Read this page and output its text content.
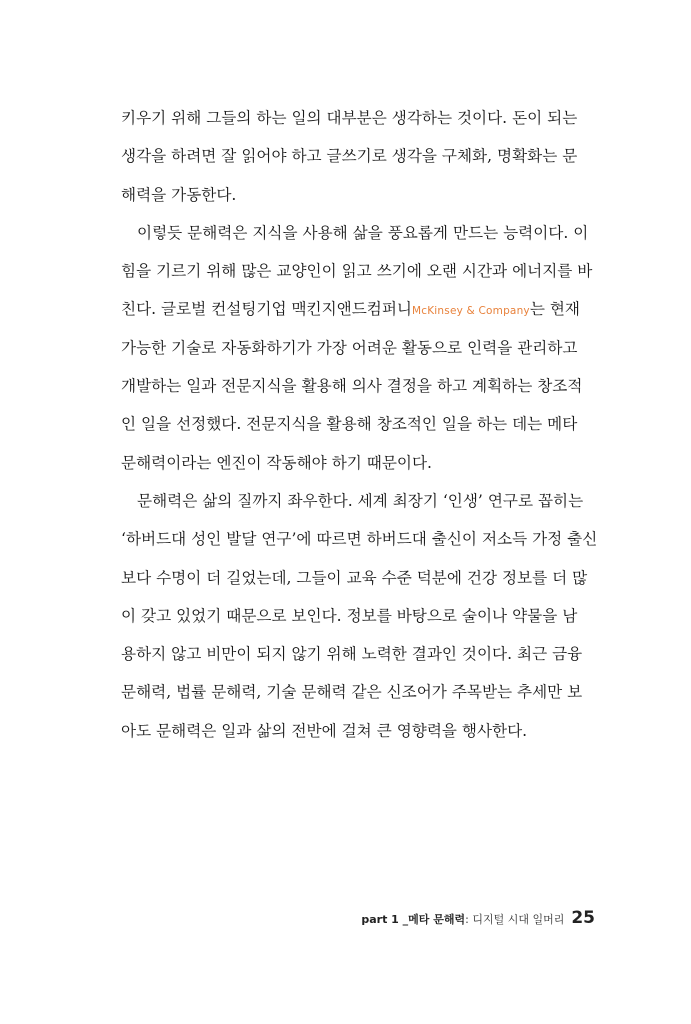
키우기 위해 그들의 하는 일의 대부분은 생각하는 것이다. 돈이 되는
생각을 하려면 잘 읽어야 하고 글쓰기로 생각을 구체화, 명확화는 문
해력을 가동한다.
이렇듯 문해력은 지식을 사용해 삶을 풍요롭게 만드는 능력이다. 이
힘을 기르기 위해 많은 교양인이 읽고 쓰기에 오랜 시간과 에너지를 바
친다. 글로벌 컨설팅기업 맥킨지앤드컴퍼니McKinsey & Company는 현재
가능한 기술로 자동화하기가 가장 어려운 활동으로 인력을 관리하고
개발하는 일과 전문지식을 활용해 의사 결정을 하고 계획하는 창조적
인 일을 선정했다. 전문지식을 활용해 창조적인 일을 하는 데는 메타
문해력이라는 엔진이 작동해야 하기 때문이다.
문해력은 삶의 질까지 좌우한다. 세계 최장기 ‘인생’ 연구로 꼽히는
‘하버드대 성인 발달 연구’에 따르면 하버드대 출신이 저소득 가정 출신
보다 수명이 더 길었는데, 그들이 교육 수준 덕분에 건강 정보를 더 많
이 갖고 있었기 때문으로 보인다. 정보를 바탕으로 술이나 약물을 남
용하지 않고 비만이 되지 않기 위해 노력한 결과인 것이다. 최근 금융
문해력, 법률 문해력, 기술 문해력 같은 신조어가 주목받는 추세만 보
아도 문해력은 일과 삶의 전반에 걸쳐 큰 영향력을 행사한다.
part 1 _ 메타 문해력 : 디지털 시대 일머리 25
